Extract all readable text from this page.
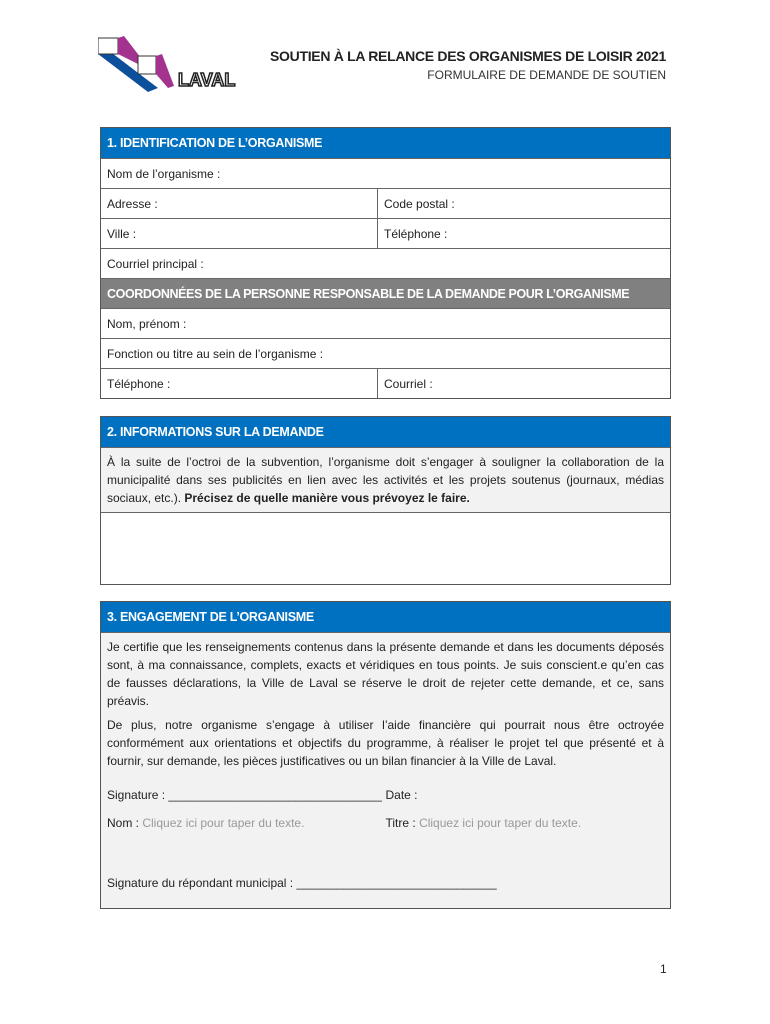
LAVAL
SOUTIEN À LA RELANCE DES ORGANISMES DE LOISIR 2021
FORMULAIRE DE DEMANDE DE SOUTIEN
1. IDENTIFICATION DE L’ORGANISME
Nom de l’organisme :
Adresse :	Code postal :
Ville :	Téléphone :
Courriel principal :
COORDONNÉES DE LA PERSONNE RESPONSABLE DE LA DEMANDE POUR L’ORGANISME
Nom, prénom :
Fonction ou titre au sein de l’organisme :
Téléphone :	Courriel :
2. INFORMATIONS SUR LA DEMANDE
À la suite de l’octroi de la subvention, l’organisme doit s’engager à souligner la collaboration de la municipalité dans ses publicités en lien avec les activités et les projets soutenus (journaux, médias sociaux, etc.). Précisez de quelle manière vous prévoyez le faire.
3. ENGAGEMENT DE L’ORGANISME

Je certifie que les renseignements contenus dans la présente demande et dans les documents déposés sont, à ma connaissance, complets, exacts et véridiques en tous points. Je suis conscient.e qu’en cas de fausses déclarations, la Ville de Laval se réserve le droit de rejeter cette demande, et ce, sans préavis.

De plus, notre organisme s’engage à utiliser l’aide financière qui pourrait nous être octroyée conformément aux orientations et objectifs du programme, à réaliser le projet tel que présenté et à fournir, sur demande, les pièces justificatives ou un bilan financier à la Ville de Laval.

Signature : ________________________________ Date :
Nom : Cliquez ici pour taper du texte.	Titre : Cliquez ici pour taper du texte.
Signature du répondant municipal : ______________________________
1
